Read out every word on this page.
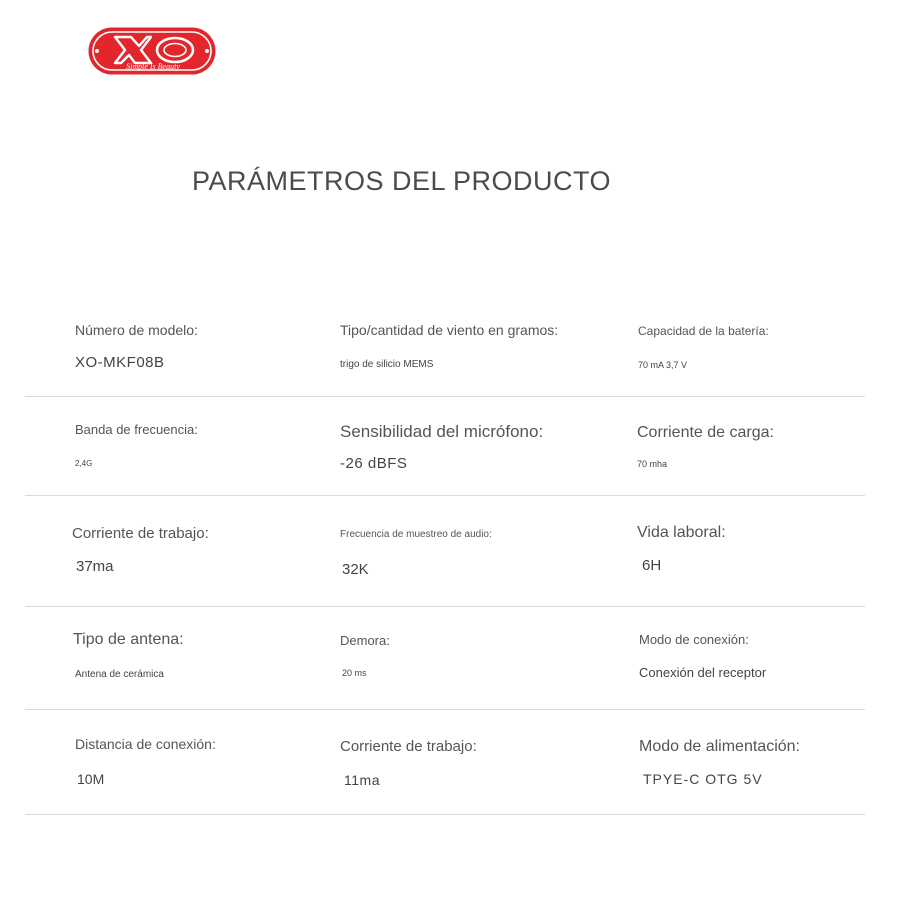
Simple Is Beauty
PARÁMETROS DEL PRODUCTO
Número de modelo:
XO-MKF08B
Tipo/cantidad de viento en gramos:
trigo de silicio MEMS
Capacidad de la batería:
70 mA 3,7 V
Banda de frecuencia:
2,4G
Sensibilidad del micrófono:
-26 dBFS
Corriente de carga:
70 mha
Corriente de trabajo:
37ma
Frecuencia de muestreo de audio:
32K
Vida laboral:
6H
Tipo de antena:
Antena de cerámica
Demora:
20 ms
Modo de conexión:
Conexión del receptor
Distancia de conexión:
10M
Corriente de trabajo:
11ma
Modo de alimentación:
TPYE-C OTG 5V
